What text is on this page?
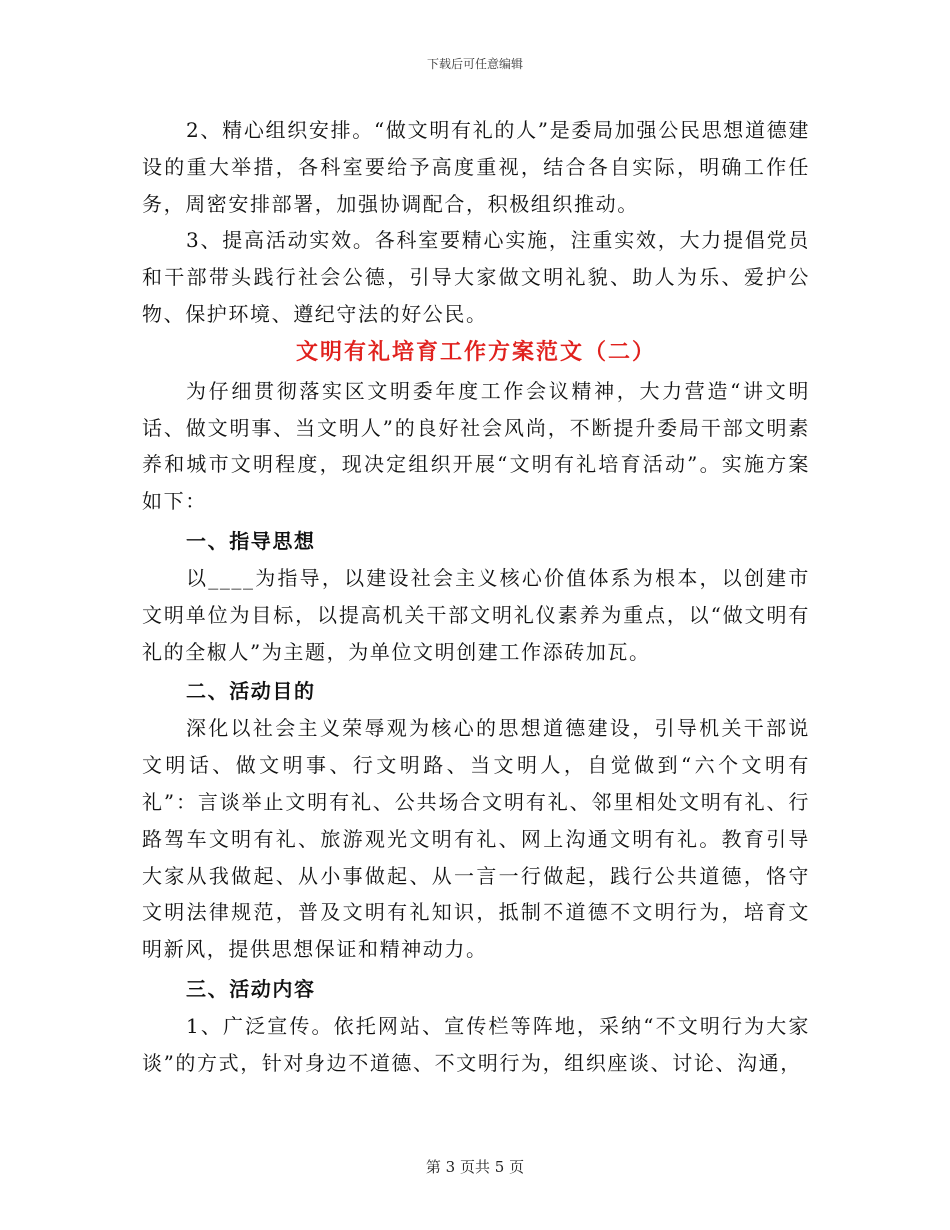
下载后可任意编辑

2、精心组织安排。“做文明有礼的人”是委局加强公民思想道德建设的重大举措，各科室要给予高度重视，结合各自实际，明确工作任务，周密安排部署，加强协调配合，积极组织推动。

3、提高活动实效。各科室要精心实施，注重实效，大力提倡党员和干部带头践行社会公德，引导大家做文明礼貌、助人为乐、爱护公物、保护环境、遵纪守法的好公民。

文明有礼培育工作方案范文（二）

为仔细贯彻落实区文明委年度工作会议精神，大力营造“讲文明话、做文明事、当文明人”的良好社会风尚，不断提升委局干部文明素养和城市文明程度，现决定组织开展“文明有礼培育活动”。实施方案如下：

一、指导思想

以____为指导，以建设社会主义核心价值体系为根本，以创建市文明单位为目标，以提高机关干部文明礼仪素养为重点，以“做文明有礼的全椒人”为主题，为单位文明创建工作添砖加瓦。

二、活动目的

深化以社会主义荣辱观为核心的思想道德建设，引导机关干部说文明话、做文明事、行文明路、当文明人，自觉做到“六个文明有礼”：言谈举止文明有礼、公共场合文明有礼、邻里相处文明有礼、行路驾车文明有礼、旅游观光文明有礼、网上沟通文明有礼。教育引导大家从我做起、从小事做起、从一言一行做起，践行公共道德，恪守文明法律规范，普及文明有礼知识，抵制不道德不文明行为，培育文明新风，提供思想保证和精神动力。

三、活动内容

1、广泛宣传。依托网站、宣传栏等阵地，采纳“不文明行为大家谈”的方式，针对身边不道德、不文明行为，组织座谈、讨论、沟通，

第 3 页共 5 页
